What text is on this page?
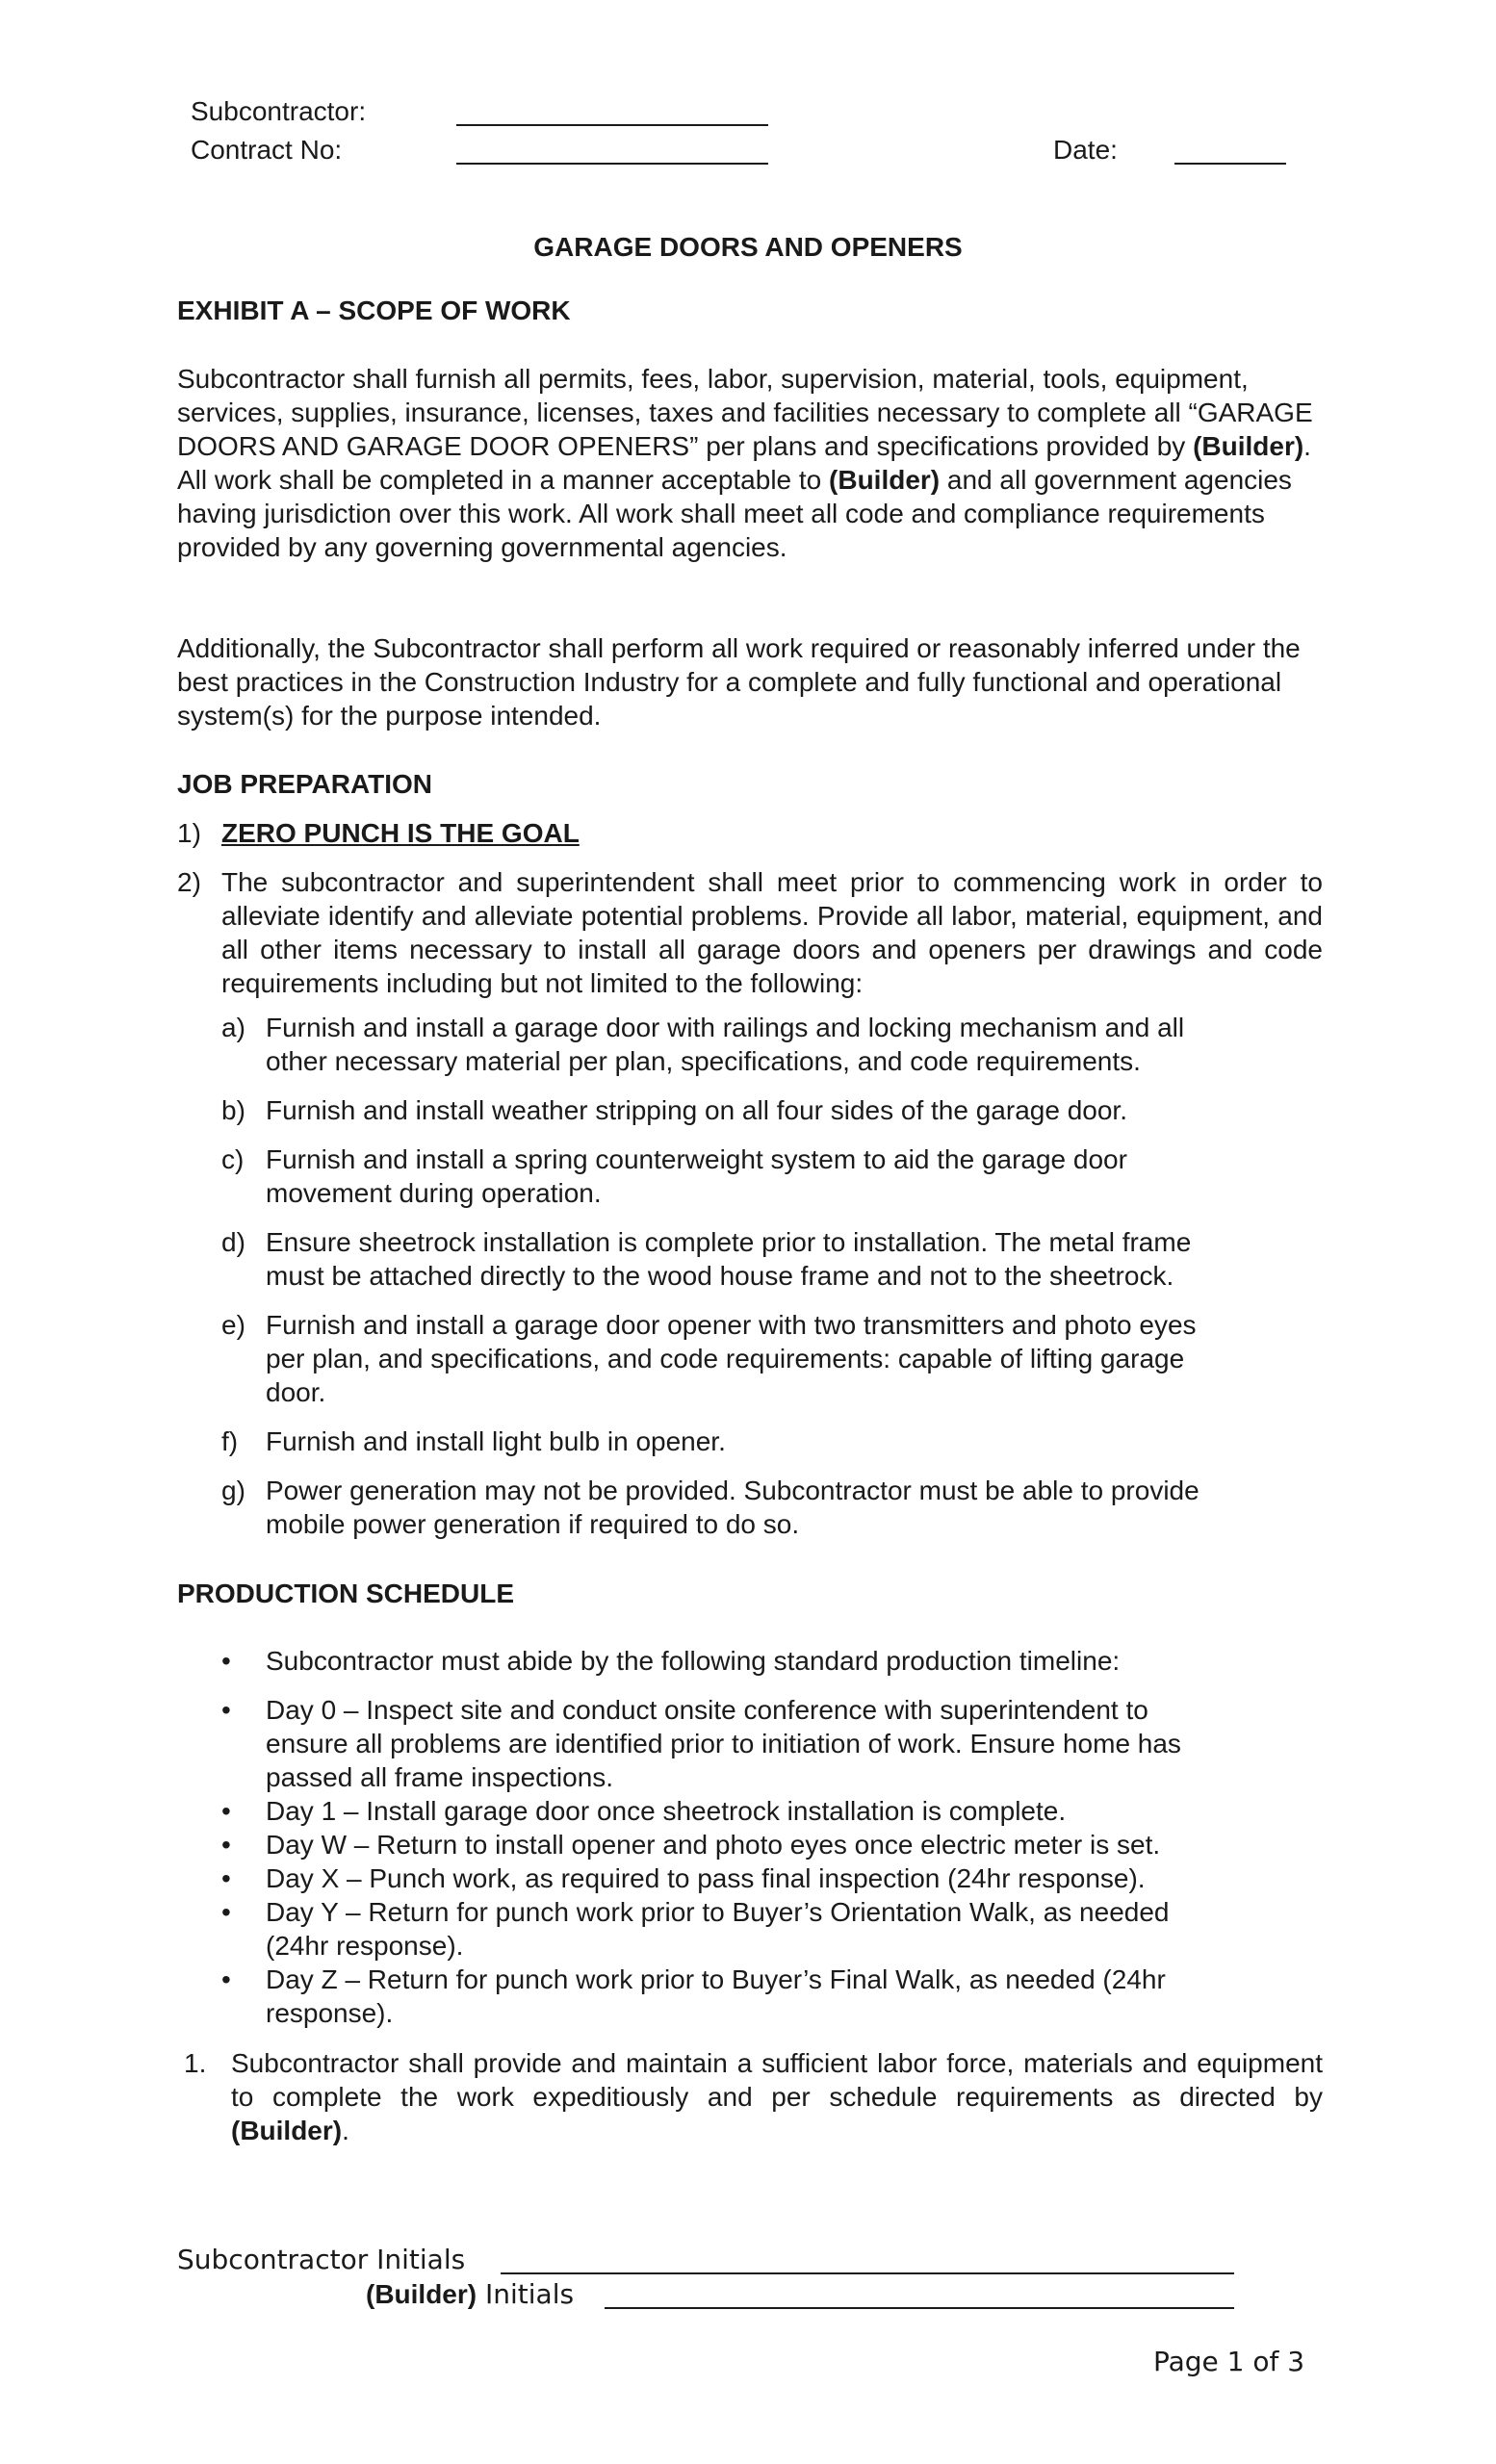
Subcontractor:
Contract No:	Date:
GARAGE DOORS AND OPENERS
EXHIBIT A – SCOPE OF WORK

Subcontractor shall furnish all permits, fees, labor, supervision, material, tools, equipment, services, supplies, insurance, licenses, taxes and facilities necessary to complete all “GARAGE DOORS AND GARAGE DOOR OPENERS” per plans and specifications provided by (Builder). All work shall be completed in a manner acceptable to (Builder) and all government agencies having jurisdiction over this work. All work shall meet all code and compliance requirements provided by any governing governmental agencies.

Additionally, the Subcontractor shall perform all work required or reasonably inferred under the best practices in the Construction Industry for a complete and fully functional and operational system(s) for the purpose intended.

JOB PREPARATION
1) ZERO PUNCH IS THE GOAL
2) The subcontractor and superintendent shall meet prior to commencing work in order to alleviate identify and alleviate potential problems. Provide all labor, material, equipment, and all other items necessary to install all garage doors and openers per drawings and code requirements including but not limited to the following:
a) Furnish and install a garage door with railings and locking mechanism and all
other necessary material per plan, specifications, and code requirements.
b) Furnish and install weather stripping on all four sides of the garage door.
c) Furnish and install a spring counterweight system to aid the garage door
movement during operation.
d) Ensure sheetrock installation is complete prior to installation. The metal frame
must be attached directly to the wood house frame and not to the sheetrock.
e) Furnish and install a garage door opener with two transmitters and photo eyes
per plan, and specifications, and code requirements: capable of lifting garage
door.
f) Furnish and install light bulb in opener.
g) Power generation may not be provided. Subcontractor must be able to provide
mobile power generation if required to do so.
PRODUCTION SCHEDULE
• Subcontractor must abide by the following standard production timeline:
• Day 0 – Inspect site and conduct onsite conference with superintendent to
ensure all problems are identified prior to initiation of work. Ensure home has
passed all frame inspections.
• Day 1 – Install garage door once sheetrock installation is complete.
• Day W – Return to install opener and photo eyes once electric meter is set.
• Day X – Punch work, as required to pass final inspection (24hr response).
• Day Y – Return for punch work prior to Buyer’s Orientation Walk, as needed
(24hr response).
• Day Z – Return for punch work prior to Buyer’s Final Walk, as needed (24hr
response).
1. Subcontractor shall provide and maintain a sufficient labor force, materials and equipment to complete the work expeditiously and per schedule requirements as directed by (Builder).
Subcontractor Initials
(Builder) Initials
Page 1 of 3
